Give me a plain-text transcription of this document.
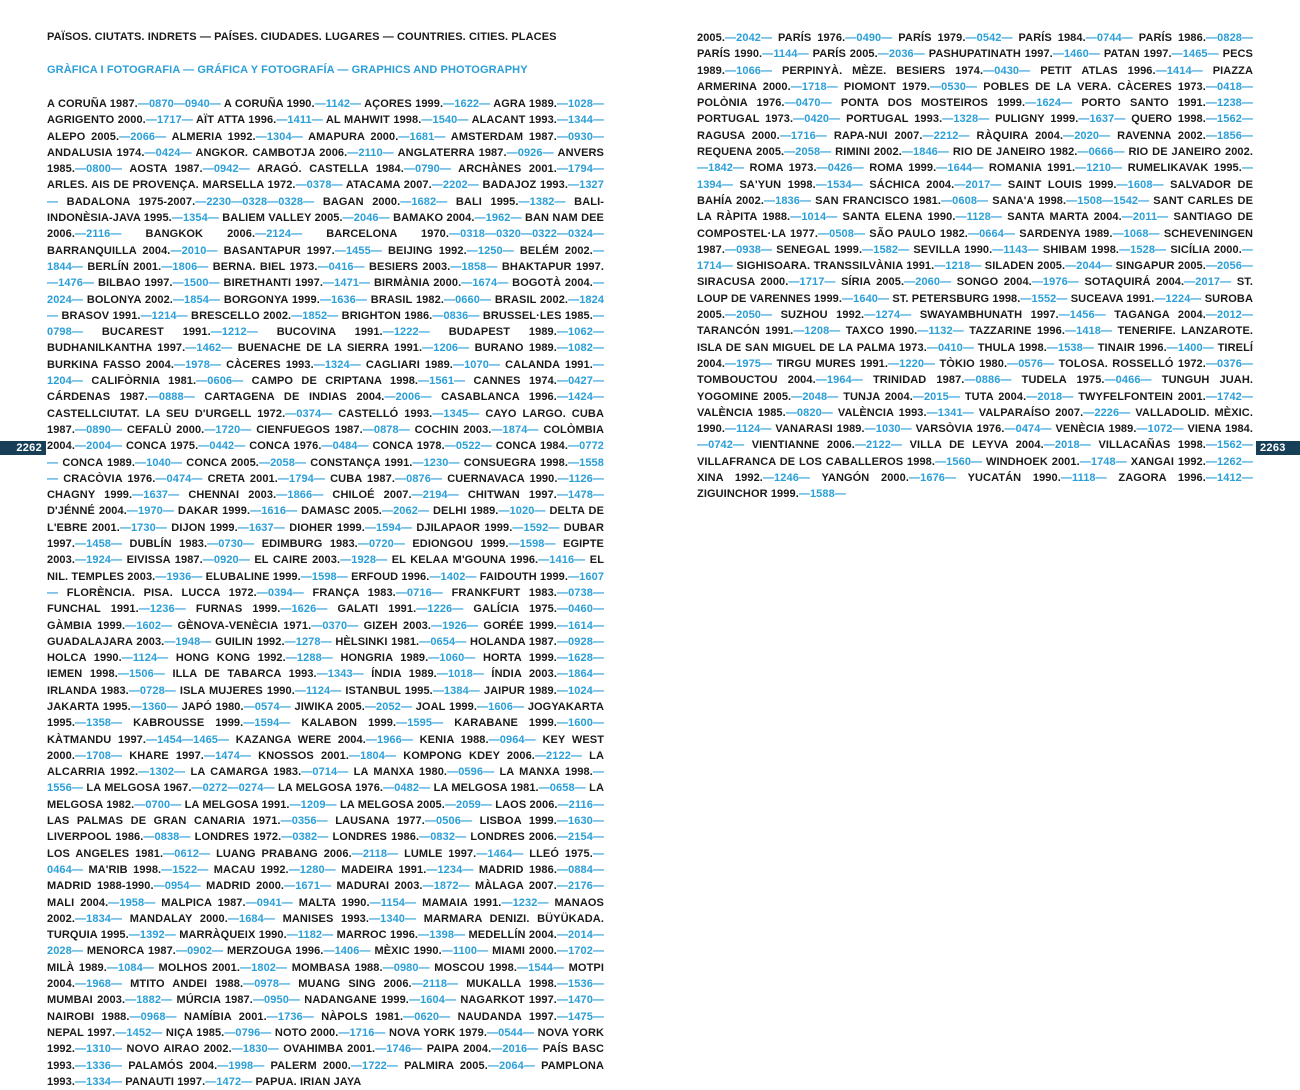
PAÏSOS. CIUTATS. INDRETS — PAÍSES. CIUDADES. LUGARES — COUNTRIES. CITIES. PLACES

GRÀFICA I FOTOGRAFIA — GRÁFICA Y FOTOGRAFÍA — GRAPHICS AND PHOTOGRAPHY

A CORUÑA 1987.—0870—0940— A CORUÑA 1990.—1142— AÇORES 1999.—1622— AGRA 1989.—1028— AGRIGENTO 2000.—1717— AÏT ATTA 1996.—1411— AL MAHWIT 1998.—1540— ALACANT 1993.—1344— ALEPO 2005.—2066— ALMERIA 1992.—1304— AMAPURA 2000.—1681— AMSTERDAM 1987.—0930— ANDALUSIA 1974.—0424— ANGKOR. CAMBOTJA 2006.—2110— ANGLATERRA 1987.—0926— ANVERS 1985.—0800— AOSTA 1987.—0942— ARAGÓ. CASTELLA 1984.—0790— ARCHÀNES 2001.—1794— ARLES. AIS DE PROVENÇA. MARSELLA 1972.—0378— ATACAMA 2007.—2202— BADAJOZ 1993.—1327— BADALONA 1975-2007.—2230—0328—0328— BAGAN 2000.—1682— BALI 1995.—1382— BALI-INDONÈSIA-JAVA 1995.—1354— BALIEM VALLEY 2005.—2046— BAMAKO 2004.—1962— BAN NAM DEE 2006.—2116— BANGKOK 2006.—2124— BARCELONA 1970.—0318—0320—0322—0324— BARRANQUILLA 2004.—2010— BASANTAPUR 1997.—1455— BEIJING 1992.—1250— BELÉM 2002.—1844— BERLÍN 2001.—1806— BERNA. BIEL 1973.—0416— BESIERS 2003.—1858— BHAKTAPUR 1997.—1476— BILBAO 1997.—1500— BIRETHANTI 1997.—1471— BIRMÀNIA 2000.—1674— BOGOTÀ 2004.—2024— BOLONYA 2002.—1854— BORGONYA 1999.—1636— BRASIL 1982.—0660— BRASIL 2002.—1824— BRASOV 1991.—1214— BRESCELLO 2002.—1852— BRIGHTON 1986.—0836— BRUSSEL·LES 1985.—0798— BUCAREST 1991.—1212— BUCOVINA 1991.—1222— BUDAPEST 1989.—1062— BUDHANILKANTHA 1997.—1462— BUENACHE DE LA SIERRA 1991.—1206— BURANO 1989.—1082— BURKINA FASSO 2004.—1978— CÀCERES 1993.—1324— CAGLIARI 1989.—1070— CALANDA 1991.—1204— CALIFÒRNIA 1981.—0606— CAMPO DE CRIPTANA 1998.—1561— CANNES 1974.—0427— CÁRDENAS 1987.—0888— CARTAGENA DE INDIAS 2004.—2006— CASABLANCA 1996.—1424— CASTELLCIUTAT. LA SEU D'URGELL 1972.—0374— CASTELLÓ 1993.—1345— CAYO LARGO. CUBA 1987.—0890— CEFALÙ 2000.—1720— CIENFUEGOS 1987.—0878— COCHIN 2003.—1874— COLÒMBIA 2004.—2004— CONCA 1975.—0442— CONCA 1976.—0484— CONCA 1978.—0522— CONCA 1984.—0772— CONCA 1989.—1040— CONCA 2005.—2058— CONSTANÇA 1991.—1230— CONSUEGRA 1998.—1558— CRACÒVIA 1976.—0474— CRETA 2001.—1794— CUBA 1987.—0876— CUERNAVACA 1990.—1126— CHAGNY 1999.—1637— CHENNAI 2003.—1866— CHILOÉ 2007.—2194— CHITWAN 1997.—1478— D'JÉNNÉ 2004.—1970— DAKAR 1999.—1616— DAMASC 2005.—2062— DELHI 1989.—1020— DELTA DE L'EBRE 2001.—1730— DIJON 1999.—1637— DIOHER 1999.—1594— DJILAPAOR 1999.—1592— DUBAR 1997.—1458— DUBLÍN 1983.—0730— EDIMBURG 1983.—0720— EDIONGOU 1999.—1598— EGIPTE 2003.—1924— EIVISSA 1987.—0920— EL CAIRE 2003.—1928— EL KELAA M'GOUNA 1996.—1416— EL NIL. TEMPLES 2003.—1936— ELUBALINE 1999.—1598— ERFOUD 1996.—1402— FAIDOUTH 1999.—1607— FLORÈNCIA. PISA. LUCCA 1972.—0394— FRANÇA 1983.—0716— FRANKFURT 1983.—0738— FUNCHAL 1991.—1236— FURNAS 1999.—1626— GALATI 1991.—1226— GALÍCIA 1975.—0460— GÀMBIA 1999.—1602— GÈNOVA-VENÈCIA 1971.—0370— GIZEH 2003.—1926— GORÉE 1999.—1614— GUADALAJARA 2003.—1948— GUILIN 1992.—1278— HÈLSINKI 1981.—0654— HOLANDA 1987.—0928— HOLCA 1990.—1124— HONG KONG 1992.—1288— HONGRIA 1989.—1060— HORTA 1999.—1628— IEMEN 1998.—1506— ILLA DE TABARCA 1993.—1343— ÍNDIA 1989.—1018— ÍNDIA 2003.—1864— IRLANDA 1983.—0728— ISLA MUJERES 1990.—1124— ISTANBUL 1995.—1384— JAIPUR 1989.—1024— JAKARTA 1995.—1360— JAPÓ 1980.—0574— JIWIKA 2005.—2052— JOAL 1999.—1606— JOGYAKARTA 1995.—1358— KABROUSSE 1999.—1594— KALABON 1999.—1595— KARABANE 1999.—1600— KÀTMANDU 1997.—1454—1465— KAZANGA WERE 2004.—1966— KENIA 1988.—0964— KEY WEST 2000.—1708— KHARE 1997.—1474— KNOSSOS 2001.—1804— KOMPONG KDEY 2006.—2122— LA ALCARRIA 1992.—1302— LA CAMARGA 1983.—0714— LA MANXA 1980.—0596— LA MANXA 1998.—1556— LA MELGOSA 1967.—0272—0274— LA MELGOSA 1976.—0482— LA MELGOSA 1981.—0658— LA MELGOSA 1982.—0700— LA MELGOSA 1991.—1209— LA MELGOSA 2005.—2059— LAOS 2006.—2116— LAS PALMAS DE GRAN CANARIA 1971.—0356— LAUSANA 1977.—0506— LISBOA 1999.—1630— LIVERPOOL 1986.—0838— LONDRES 1972.—0382— LONDRES 1986.—0832— LONDRES 2006.—2154— LOS ANGELES 1981.—0612— LUANG PRABANG 2006.—2118— LUMLE 1997.—1464— LLEÓ 1975.—0464— MA'RIB 1998.—1522— MACAU 1992.—1280— MADEIRA 1991.—1234— MADRID 1986.—0884— MADRID 1988-1990.—0954— MADRID 2000.—1671— MADURAI 2003.—1872— MÀLAGA 2007.—2176— MALI 2004.—1958— MALPICA 1987.—0941— MALTA 1990.—1154— MAMAIA 1991.—1232— MANAOS 2002.—1834— MANDALAY 2000.—1684— MANISES 1993.—1340— MARMARA DENIZI. BÜYÜKADA. TURQUIA 1995.—1392— MARRÀQUEIX 1990.—1182— MARROC 1996.—1398— MEDELLÍN 2004.—2014—2028— MENORCA 1987.—0902— MERZOUGA 1996.—1406— MÈXIC 1990.—1100— MIAMI 2000.—1702— MILÀ 1989.—1084— MOLHOS 2001.—1802— MOMBASA 1988.—0980— MOSCOU 1998.—1544— MOTPI 2004.—1968— MTITO ANDEI 1988.—0978— MUANG SING 2006.—2118— MUKALLA 1998.—1536— MUMBAI 2003.—1882— MÚRCIA 1987.—0950— NADANGANE 1999.—1604— NAGARKOT 1997.—1470— NAIROBI 1988.—0968— NAMÍBIA 2001.—1736— NÀPOLS 1981.—0620— NAUDANDA 1997.—1475— NEPAL 1997.—1452— NIÇA 1985.—0796— NOTO 2000.—1716— NOVA YORK 1979.—0544— NOVA YORK 1992.—1310— NOVO AIRAO 2002.—1830— OVAHIMBA 2001.—1746— PAIPA 2004.—2016— PAÍS BASC 1993.—1336— PALAMÓS 2004.—1998— PALERM 2000.—1722— PALMIRA 2005.—2064— PAMPLONA 1993.—1334— PANAUTI 1997.—1472— PAPUA. IRIAN JAYA

2005.—2042— PARÍS 1976.—0490— PARÍS 1979.—0542— PARÍS 1984.—0744— PARÍS 1986.—0828— PARÍS 1990.—1144— PARÍS 2005.—2036— PASHUPATINATH 1997.—1460— PATAN 1997.—1465— PECS 1989.—1066— PERPINYÀ. MÈZE. BESIERS 1974.—0430— PETIT ATLAS 1996.—1414— PIAZZA ARMERINA 2000.—1718— PIOMONT 1979.—0530— POBLES DE LA VERA. CÀCERES 1973.—0418— POLÒNIA 1976.—0470— PONTA DOS MOSTEIROS 1999.—1624— PORTO SANTO 1991.—1238— PORTUGAL 1973.—0420— PORTUGAL 1993.—1328— PULIGNY 1999.—1637— QUERO 1998.—1562— RAGUSA 2000.—1716— RAPA-NUI 2007.—2212— RÀQUIRA 2004.—2020— RAVENNA 2002.—1856— REQUENA 2005.—2058— RIMINI 2002.—1846— RIO DE JANEIRO 1982.—0666— RIO DE JANEIRO 2002.—1842— ROMA 1973.—0426— ROMA 1999.—1644— ROMANIA 1991.—1210— RUMELIKAVAK 1995.—1394— SA'YUN 1998.—1534— SÁCHICA 2004.—2017— SAINT LOUIS 1999.—1608— SALVADOR DE BAHÍA 2002.—1836— SAN FRANCISCO 1981.—0608— SANA'A 1998.—1508—1542— SANT CARLES DE LA RÀPITA 1988.—1014— SANTA ELENA 1990.—1128— SANTA MARTA 2004.—2011— SANTIAGO DE COMPOSTEL·LA 1977.—0508— SÃO PAULO 1982.—0664— SARDENYA 1989.—1068— SCHEVENINGEN 1987.—0938— SENEGAL 1999.—1582— SEVILLA 1990.—1143— SHIBAM 1998.—1528— SICÍLIA 2000.—1714— SIGHISOARA. TRANSSILVÀNIA 1991.—1218— SILADEN 2005.—2044— SINGAPUR 2005.—2056— SIRACUSA 2000.—1717— SÍRIA 2005.—2060— SONGO 2004.—1976— SOTAQUIRÁ 2004.—2017— ST. LOUP DE VARENNES 1999.—1640— ST. PETERSBURG 1998.—1552— SUCEAVA 1991.—1224— SUROBA 2005.—2050— SUZHOU 1992.—1274— SWAYAMBHUNATH 1997.—1456— TAGANGA 2004.—2012— TARANCÓN 1991.—1208— TAXCO 1990.—1132— TAZZARINE 1996.—1418— TENERIFE. LANZAROTE. ISLA DE SAN MIGUEL DE LA PALMA 1973.—0410— THULA 1998.—1538— TINAIR 1996.—1400— TIRELÍ 2004.—1975— TIRGU MURES 1991.—1220— TÒKIO 1980.—0576— TOLOSA. ROSSELLÓ 1972.—0376— TOMBOUCTOU 2004.—1964— TRINIDAD 1987.—0886— TUDELA 1975.—0466— TUNGUH JUAH. YOGOMINE 2005.—2048— TUNJA 2004.—2015— TUTA 2004.—2018— TWYFELFONTEIN 2001.—1742— VALÈNCIA 1985.—0820— VALÈNCIA 1993.—1341— VALPARAÍSO 2007.—2226— VALLADOLID. MÈXIC. 1990.—1124— VANARASI 1989.—1030— VARSÒVIA 1976.—0474— VENÈCIA 1989.—1072— VIENA 1984.—0742— VIENTIANNE 2006.—2122— VILLA DE LEYVA 2004.—2018— VILLACAÑAS 1998.—1562— VILLAFRANCA DE LOS CABALLEROS 1998.—1560— WINDHOEK 2001.—1748— XANGAI 1992.—1262— XINA 1992.—1246— YANGÓN 2000.—1676— YUCATÁN 1990.—1118— ZAGORA 1996.—1412— ZIGUINCHOR 1999.—1588—

2262	2263
